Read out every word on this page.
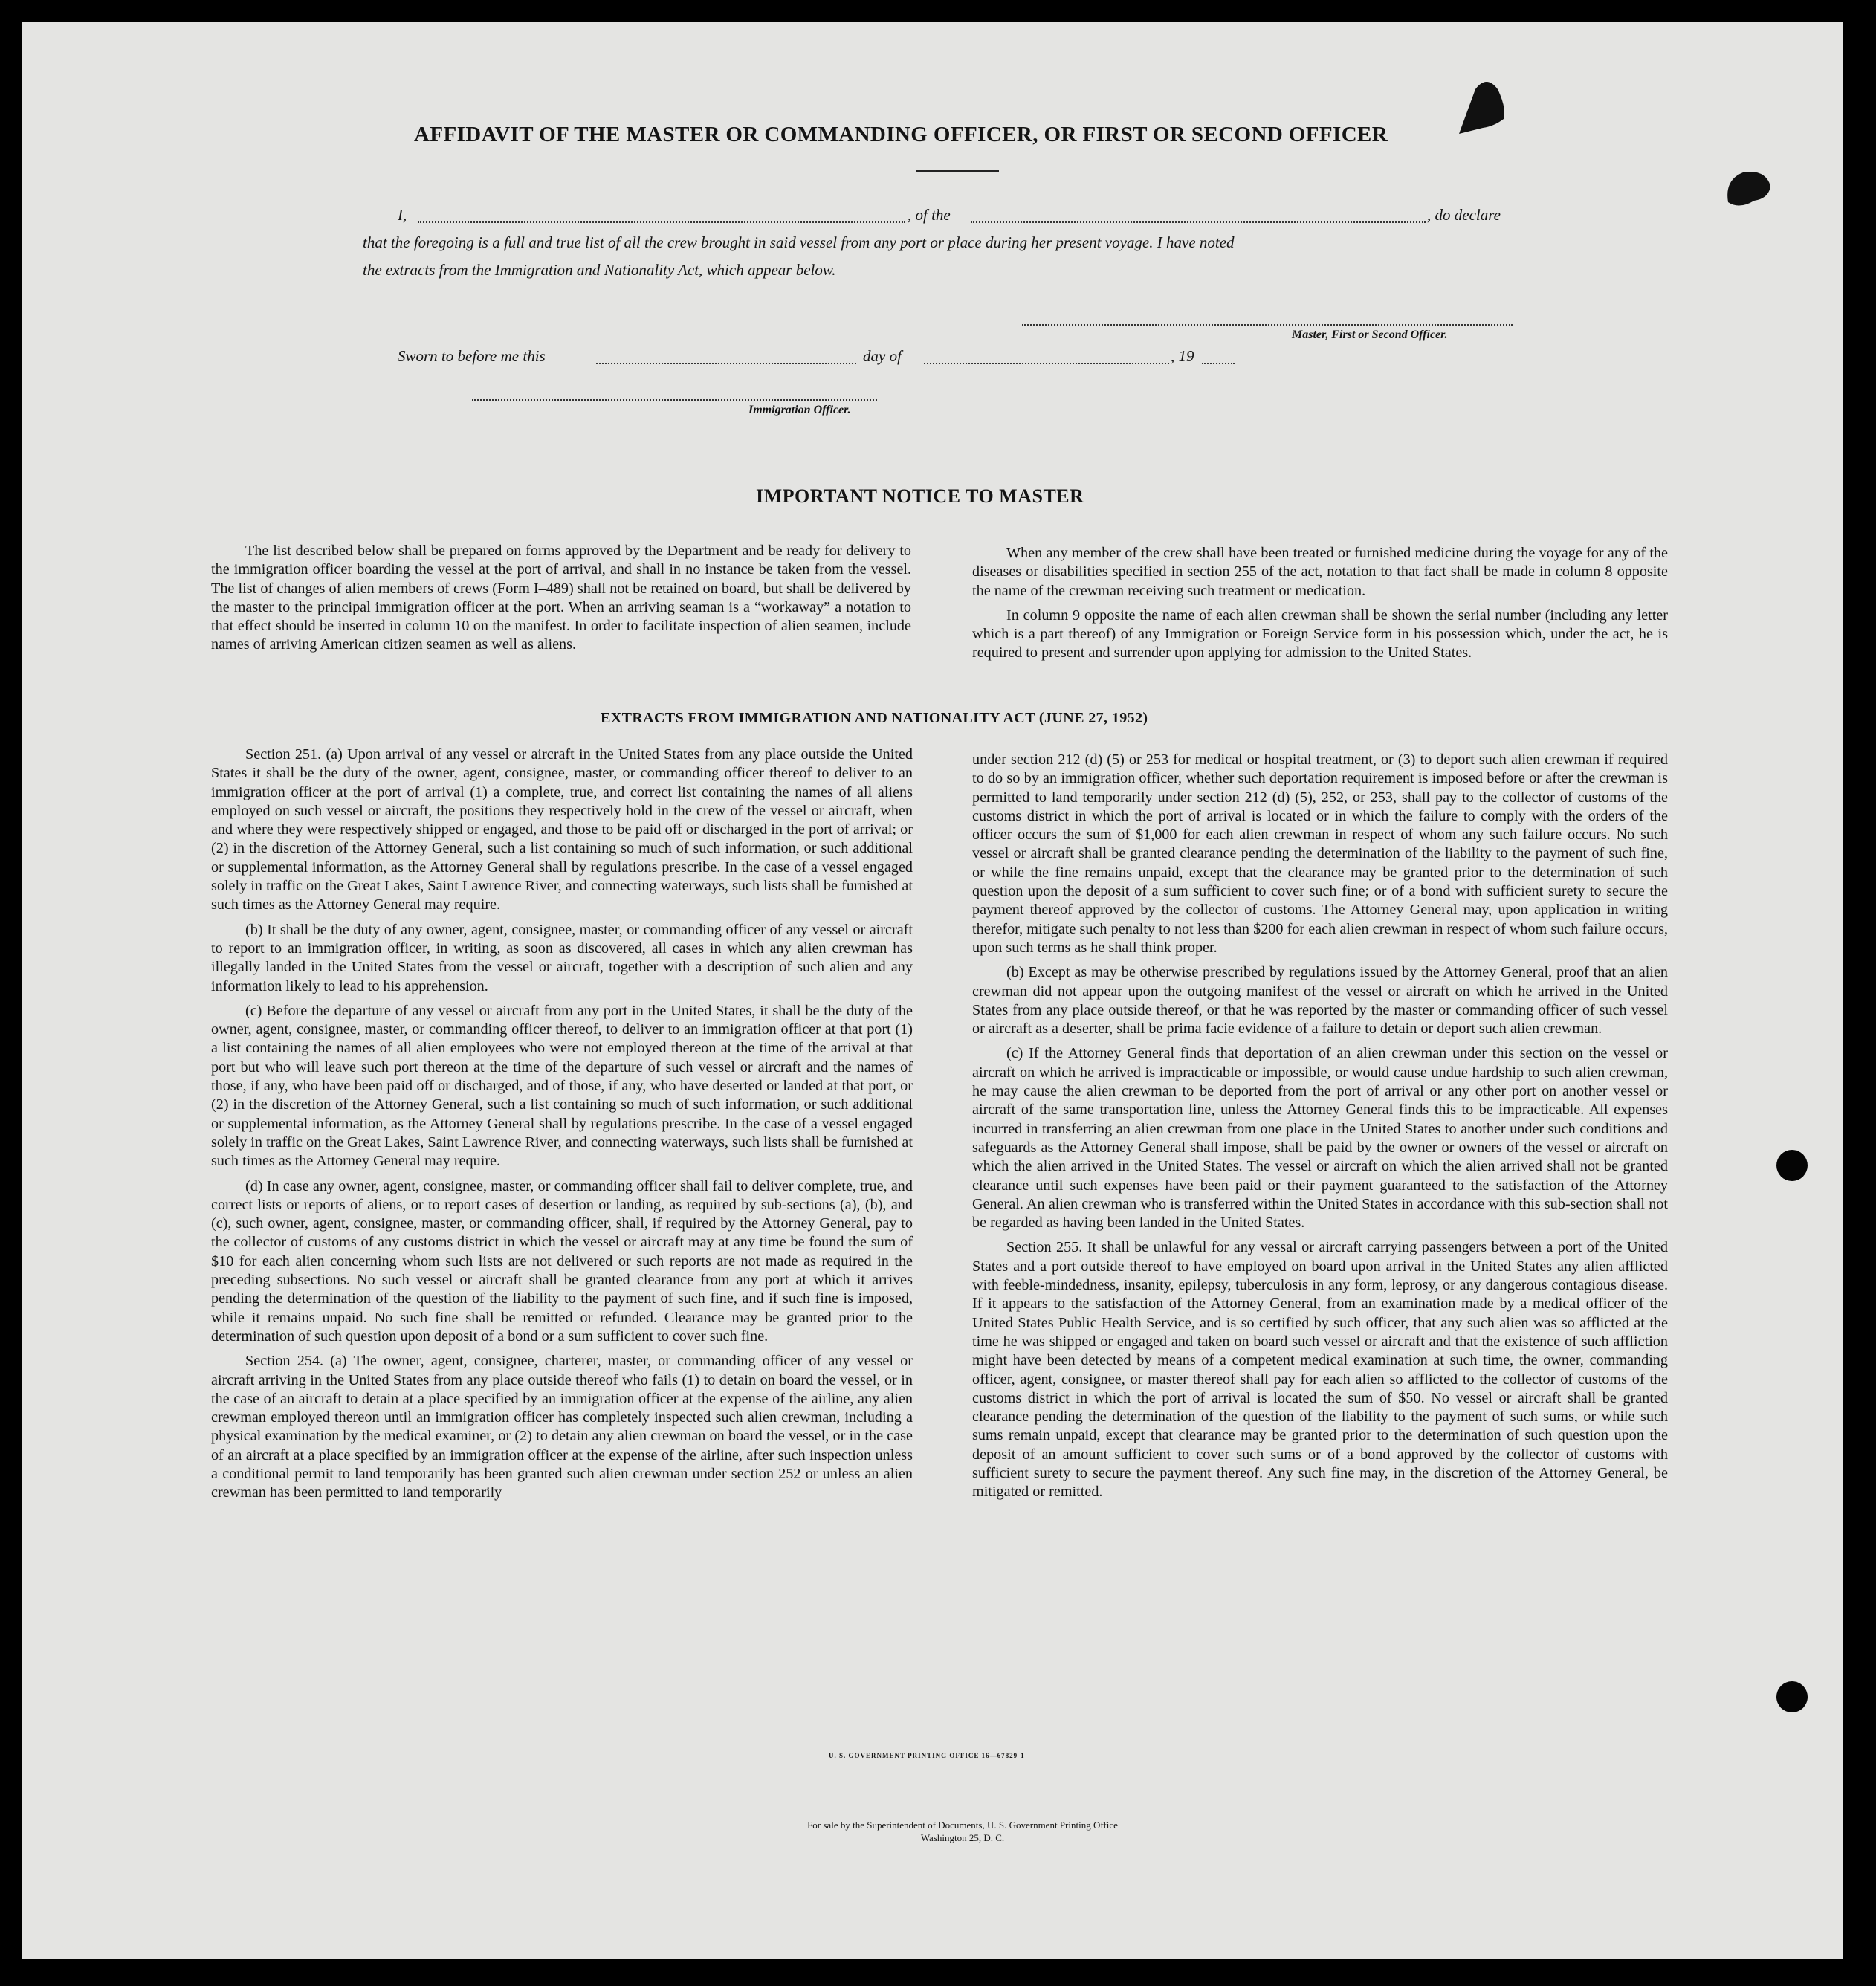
AFFIDAVIT OF THE MASTER OR COMMANDING OFFICER, OR FIRST OR SECOND OFFICER
I,	, of the	, do declare
that the foregoing is a full and true list of all the crew brought in said vessel from any port or place during her present voyage. I have noted
the extracts from the Immigration and Nationality Act, which appear below.
Master, First or Second Officer.
Sworn to before me this	day of	, 19
Immigration Officer.
IMPORTANT NOTICE TO MASTER

The list described below shall be prepared on forms approved by the Department and be ready for delivery to the immigration officer boarding the vessel at the port of arrival, and shall in no instance be taken from the vessel. The list of changes of alien members of crews (Form I–489) shall not be retained on board, but shall be delivered by the master to the principal immigration officer at the port. When an arriving seaman is a “workaway” a notation to that effect should be inserted in column 10 on the manifest. In order to facilitate inspection of alien seamen, include names of arriving American citizen seamen as well as aliens.

When any member of the crew shall have been treated or furnished medicine during the voyage for any of the diseases or disabilities specified in section 255 of the act, notation to that fact shall be made in column 8 opposite the name of the crewman receiving such treatment or medication.

In column 9 opposite the name of each alien crewman shall be shown the serial number (including any letter which is a part thereof) of any Immigration or Foreign Service form in his possession which, under the act, he is required to present and surrender upon applying for admission to the United States.

EXTRACTS FROM IMMIGRATION AND NATIONALITY ACT (JUNE 27, 1952)

Section 251. (a) Upon arrival of any vessel or aircraft in the United States from any place outside the United States it shall be the duty of the owner, agent, consignee, master, or commanding officer thereof to deliver to an immigration officer at the port of arrival (1) a complete, true, and correct list containing the names of all aliens employed on such vessel or aircraft, the positions they respectively hold in the crew of the vessel or aircraft, when and where they were respectively shipped or engaged, and those to be paid off or discharged in the port of arrival; or (2) in the discretion of the Attorney General, such a list containing so much of such information, or such additional or supplemental information, as the Attorney General shall by regulations prescribe. In the case of a vessel engaged solely in traffic on the Great Lakes, Saint Lawrence River, and connecting waterways, such lists shall be furnished at such times as the Attorney General may require.

(b) It shall be the duty of any owner, agent, consignee, master, or commanding officer of any vessel or aircraft to report to an immigration officer, in writing, as soon as discovered, all cases in which any alien crewman has illegally landed in the United States from the vessel or aircraft, together with a description of such alien and any information likely to lead to his apprehension.

(c) Before the departure of any vessel or aircraft from any port in the United States, it shall be the duty of the owner, agent, consignee, master, or commanding officer thereof, to deliver to an immigration officer at that port (1) a list containing the names of all alien employees who were not employed thereon at the time of the arrival at that port but who will leave such port thereon at the time of the departure of such vessel or aircraft and the names of those, if any, who have been paid off or discharged, and of those, if any, who have deserted or landed at that port, or (2) in the discretion of the Attorney General, such a list containing so much of such information, or such additional or supplemental information, as the Attorney General shall by regulations prescribe. In the case of a vessel engaged solely in traffic on the Great Lakes, Saint Lawrence River, and connecting waterways, such lists shall be furnished at such times as the Attorney General may require.

(d) In case any owner, agent, consignee, master, or commanding officer shall fail to deliver complete, true, and correct lists or reports of aliens, or to report cases of desertion or landing, as required by sub-sections (a), (b), and (c), such owner, agent, consignee, master, or commanding officer, shall, if required by the Attorney General, pay to the collector of customs of any customs district in which the vessel or aircraft may at any time be found the sum of $10 for each alien concerning whom such lists are not delivered or such reports are not made as required in the preceding subsections. No such vessel or aircraft shall be granted clearance from any port at which it arrives pending the determination of the question of the liability to the payment of such fine, and if such fine is imposed, while it remains unpaid. No such fine shall be remitted or refunded. Clearance may be granted prior to the determination of such question upon deposit of a bond or a sum sufficient to cover such fine.

Section 254. (a) The owner, agent, consignee, charterer, master, or commanding officer of any vessel or aircraft arriving in the United States from any place outside thereof who fails (1) to detain on board the vessel, or in the case of an aircraft to detain at a place specified by an immigration officer at the expense of the airline, any alien crewman employed thereon until an immigration officer has completely inspected such alien crewman, including a physical examination by the medical examiner, or (2) to detain any alien crewman on board the vessel, or in the case of an aircraft at a place specified by an immigration officer at the expense of the airline, after such inspection unless a conditional permit to land temporarily has been granted such alien crewman under section 252 or unless an alien crewman has been permitted to land temporarily

under section 212 (d) (5) or 253 for medical or hospital treatment, or (3) to deport such alien crewman if required to do so by an immigration officer, whether such deportation requirement is imposed before or after the crewman is permitted to land temporarily under section 212 (d) (5), 252, or 253, shall pay to the collector of customs of the customs district in which the port of arrival is located or in which the failure to comply with the orders of the officer occurs the sum of $1,000 for each alien crewman in respect of whom any such failure occurs. No such vessel or aircraft shall be granted clearance pending the determination of the liability to the payment of such fine, or while the fine remains unpaid, except that the clearance may be granted prior to the determination of such question upon the deposit of a sum sufficient to cover such fine; or of a bond with sufficient surety to secure the payment thereof approved by the collector of customs. The Attorney General may, upon application in writing therefor, mitigate such penalty to not less than $200 for each alien crewman in respect of whom such failure occurs, upon such terms as he shall think proper.

(b) Except as may be otherwise prescribed by regulations issued by the Attorney General, proof that an alien crewman did not appear upon the outgoing manifest of the vessel or aircraft on which he arrived in the United States from any place outside thereof, or that he was reported by the master or commanding officer of such vessel or aircraft as a deserter, shall be prima facie evidence of a failure to detain or deport such alien crewman.

(c) If the Attorney General finds that deportation of an alien crewman under this section on the vessel or aircraft on which he arrived is impracticable or impossible, or would cause undue hardship to such alien crewman, he may cause the alien crewman to be deported from the port of arrival or any other port on another vessel or aircraft of the same transportation line, unless the Attorney General finds this to be impracticable. All expenses incurred in transferring an alien crewman from one place in the United States to another under such conditions and safeguards as the Attorney General shall impose, shall be paid by the owner or owners of the vessel or aircraft on which the alien arrived in the United States. The vessel or aircraft on which the alien arrived shall not be granted clearance until such expenses have been paid or their payment guaranteed to the satisfaction of the Attorney General. An alien crewman who is transferred within the United States in accordance with this sub-section shall not be regarded as having been landed in the United States.

Section 255. It shall be unlawful for any vessal or aircraft carrying passengers between a port of the United States and a port outside thereof to have employed on board upon arrival in the United States any alien afflicted with feeble-mindedness, insanity, epilepsy, tuberculosis in any form, leprosy, or any dangerous contagious disease. If it appears to the satisfaction of the Attorney General, from an examination made by a medical officer of the United States Public Health Service, and is so certified by such officer, that any such alien was so afflicted at the time he was shipped or engaged and taken on board such vessel or aircraft and that the existence of such affliction might have been detected by means of a competent medical examination at such time, the owner, commanding officer, agent, consignee, or master thereof shall pay for each alien so afflicted to the collector of customs of the customs district in which the port of arrival is located the sum of $50. No vessel or aircraft shall be granted clearance pending the determination of the question of the liability to the payment of such sums, or while such sums remain unpaid, except that clearance may be granted prior to the determination of such question upon the deposit of an amount sufficient to cover such sums or of a bond approved by the collector of customs with sufficient surety to secure the payment thereof. Any such fine may, in the discretion of the Attorney General, be mitigated or remitted.

U. S. GOVERNMENT PRINTING OFFICE 16—67829-1
For sale by the Superintendent of Documents, U. S. Government Printing Office
Washington 25, D. C.
